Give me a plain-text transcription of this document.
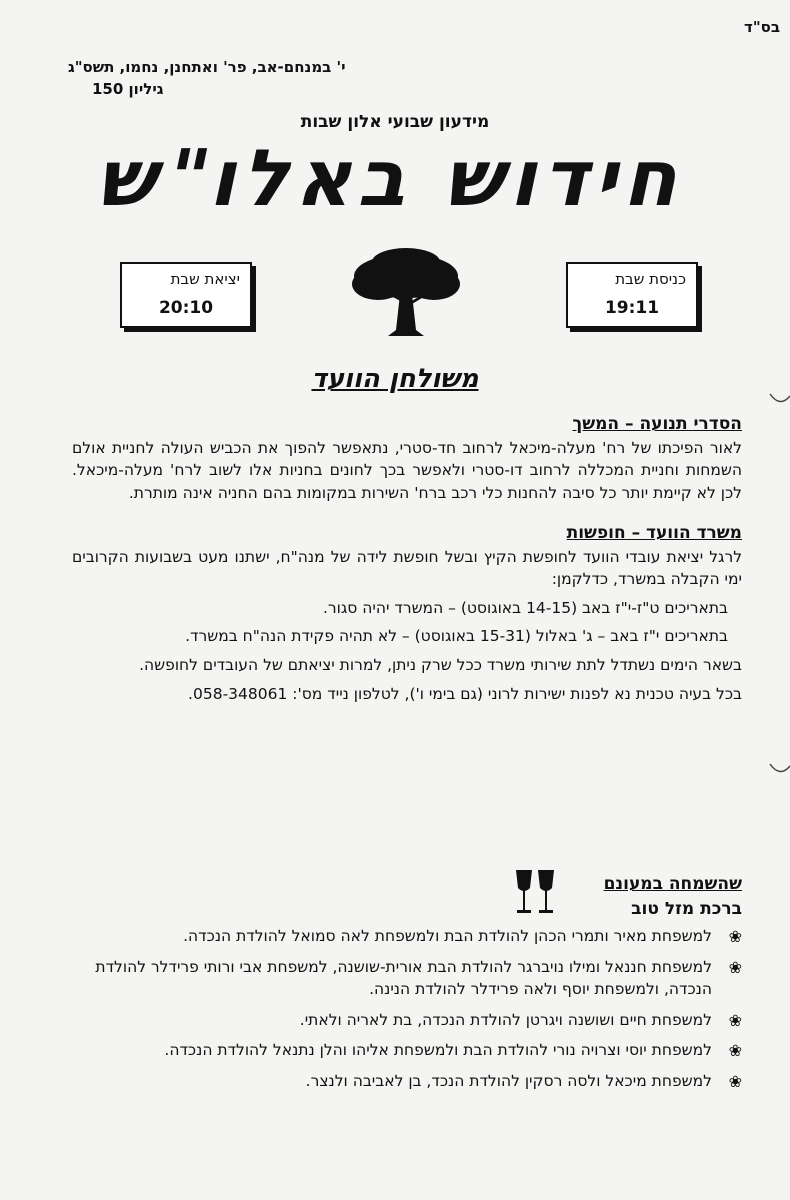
בס"ד
י' במנחם-אב, פר' ואתחנן, נחמו, תשס"ג
גיליון 150
מידעון שבועי אלון שבות
חידוש באלו"ש
יציאת שבת
20:10
כניסת שבת
19:11
משולחן הוועד
הסדרי תנועה – המשך

לאור הפיכתו של רח' מעלה-מיכאל לרחוב חד-סטרי, נתאפשר להפוך את הכביש העולה לחניית אולם השמחות וחניית המכללה לרחוב דו-סטרי ולאפשר בכך לחונים בחניות אלו לשוב לרח' מעלה-מיכאל. לכן לא קיימת יותר כל סיבה להחנות כלי רכב ברח' השירות במקומות בהם החניה אינה מותרת.

משרד הוועד – חופשות

לרגל יציאת עובדי הוועד לחופשת הקיץ ובשל חופשת לידה של מנה"ח, ישתנו מעט בשבועות הקרובים ימי הקבלה במשרד, כדלקמן:

בתאריכים ט"ז-י"ז באב (14-15 באוגוסט) – המשרד יהיה סגור.

בתאריכים י"ז באב – ג' באלול (15-31 באוגוסט) – לא תהיה פקידת הנה"ח במשרד.

בשאר הימים נשתדל לתת שירותי משרד ככל שרק ניתן, למרות יציאתם של העובדים לחופשה.

בכל בעיה טכנית נא לפנות ישירות לרוני (גם בימי ו'), לטלפון נייד מס': 058-348061.

שהשמחה במעונם
ברכת מזל טוב
❀
למשפחת מאיר ותמרי הכהן להולדת הבת ולמשפחת לאה סמואל להולדת הנכדה.
❀
למשפחת חננאל ומילו נויברגר להולדת הבת אורית-שושנה, למשפחת אבי ורותי פרידלר להולדת הנכדה, ולמשפחת יוסף ולאה פרידלר להולדת הנינה.
❀
למשפחת חיים ושושנה ויגרטן להולדת הנכדה, בת לאריה ולאתי.
❀
למשפחת יוסי וצרויה נורי להולדת הבת ולמשפחת אליהו והלן נתנאל להולדת הנכדה.
❀
למשפחת מיכאל ולסה רסקין להולדת הנכד, בן לאביבה ולנצר.
